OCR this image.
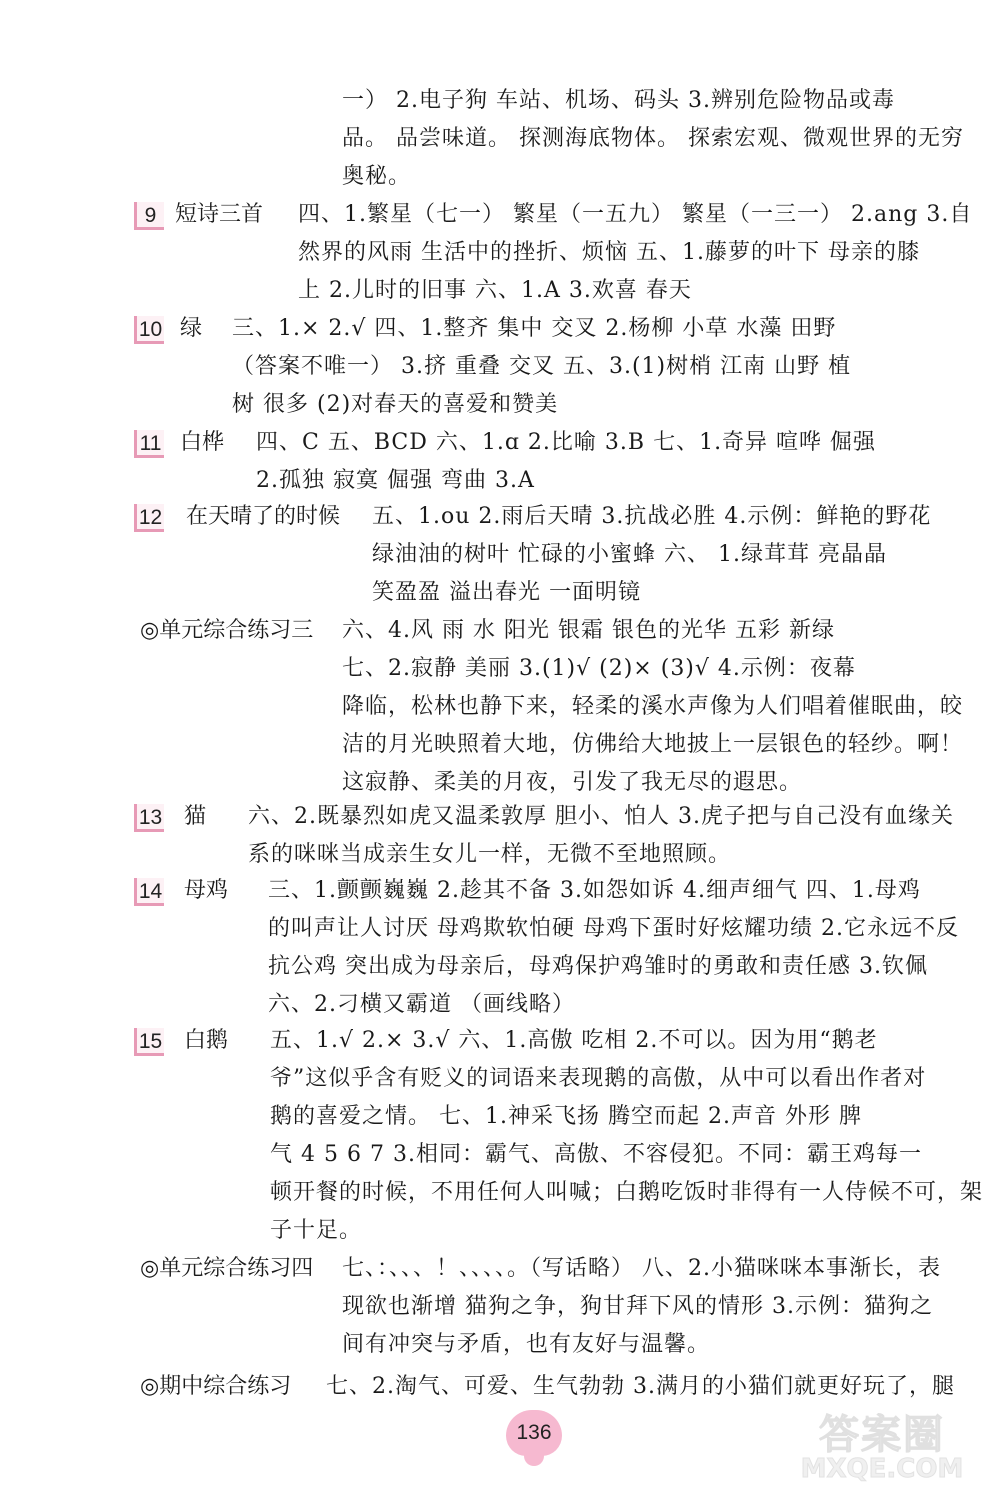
一） 2.电子狗 车站、机场、码头 3.辨别危险物品或毒
品。 品尝味道。 探测海底物体。 探索宏观、微观世界的无穷
奥秘。
9 短诗三首 四、1.繁星（七一） 繁星（一五九） 繁星（一三一） 2.ang 3.自
然界的风雨 生活中的挫折、烦恼 五、1.藤萝的叶下 母亲的膝
上 2.儿时的旧事 六、1.A 3.欢喜 春天
10 绿 三、1.× 2.√ 四、1.整齐 集中 交叉 2.杨柳 小草 水藻 田野
（答案不唯一） 3.挤 重叠 交叉 五、3.(1)树梢 江南 山野 植
树 很多 (2)对春天的喜爱和赞美
11 白桦 四、C 五、BCD 六、1.ɑ 2.比喻 3.B 七、1.奇异 喧哗 倔强
2.孤独 寂寞 倔强 弯曲 3.A
12 在天晴了的时候 五、1.ou 2.雨后天晴 3.抗战必胜 4.示例：鲜艳的野花
绿油油的树叶 忙碌的小蜜蜂 六、 1.绿茸茸 亮晶晶
笑盈盈 溢出春光 一面明镜
◎单元综合练习三 六、4.风 雨 水 阳光 银霜 银色的光华 五彩 新绿
七、2.寂静 美丽 3.(1)√ (2)× (3)√ 4.示例：夜幕
降临，松林也静下来，轻柔的溪水声像为人们唱着催眠曲，皎
洁的月光映照着大地，仿佛给大地披上一层银色的轻纱。啊！
这寂静、柔美的月夜，引发了我无尽的遐思。
13 猫 六、2.既暴烈如虎又温柔敦厚 胆小、怕人 3.虎子把与自己没有血缘关
系的咪咪当成亲生女儿一样，无微不至地照顾。
14 母鸡 三、1.颤颤巍巍 2.趁其不备 3.如怨如诉 4.细声细气 四、1.母鸡
的叫声让人讨厌 母鸡欺软怕硬 母鸡下蛋时好炫耀功绩 2.它永远不反
抗公鸡 突出成为母亲后，母鸡保护鸡雏时的勇敢和责任感 3.钦佩
六、2.刁横又霸道 （画线略）
15 白鹅 五、1.√ 2.× 3.√ 六、1.高傲 吃相 2.不可以。因为用“鹅老
爷”这似乎含有贬义的词语来表现鹅的高傲，从中可以看出作者对
鹅的喜爱之情。 七、1.神采飞扬 腾空而起 2.声音 外形 脾
气 4 5 6 7 3.相同：霸气、高傲、不容侵犯。不同：霸王鸡每一
顿开餐的时候，不用任何人叫喊；白鹅吃饭时非得有一人侍候不可，架
子十足。
◎单元综合练习四 七、：、、、！、、、、。（写话略） 八、2.小猫咪咪本事渐长，表
现欲也渐增 猫狗之争，狗甘拜下风的情形 3.示例：猫狗之
间有冲突与矛盾，也有友好与温馨。
◎期中综合练习 七、2.淘气、可爱、生气勃勃 3.满月的小猫们就更好玩了，腿
136	答案圈
MXQE.COM
